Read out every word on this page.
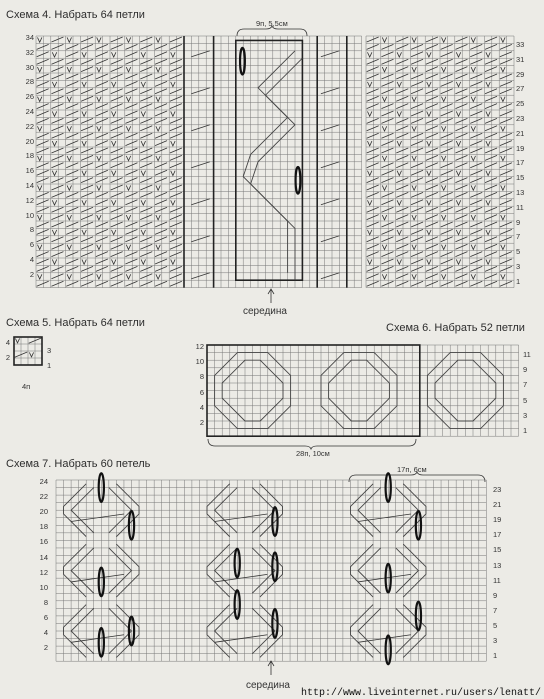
Схема 4. Набрать 64 петли
9п, 5,5см
34
32
30
28
26
24
22
20
18
16
14
12
10
8
6
4
2
33
31
29
27
25
23
21
19
17
15
13
11
9
7
5
3
1
середина
Схема 5. Набрать 64 петли
4
2
3
1
4п
Схема 6. Набрать 52 петли
12
10
8
6
4
2
11
9
7
5
3
1
28п, 10см
Схема 7. Набрать 60 петель	17п, 6см
24
22
20
18
16
14
12
10
8
6
4
2
23
21
19
17
15
13
11
9
7
5
3
1
середина
http://www.liveinternet.ru/users/lenatt/
